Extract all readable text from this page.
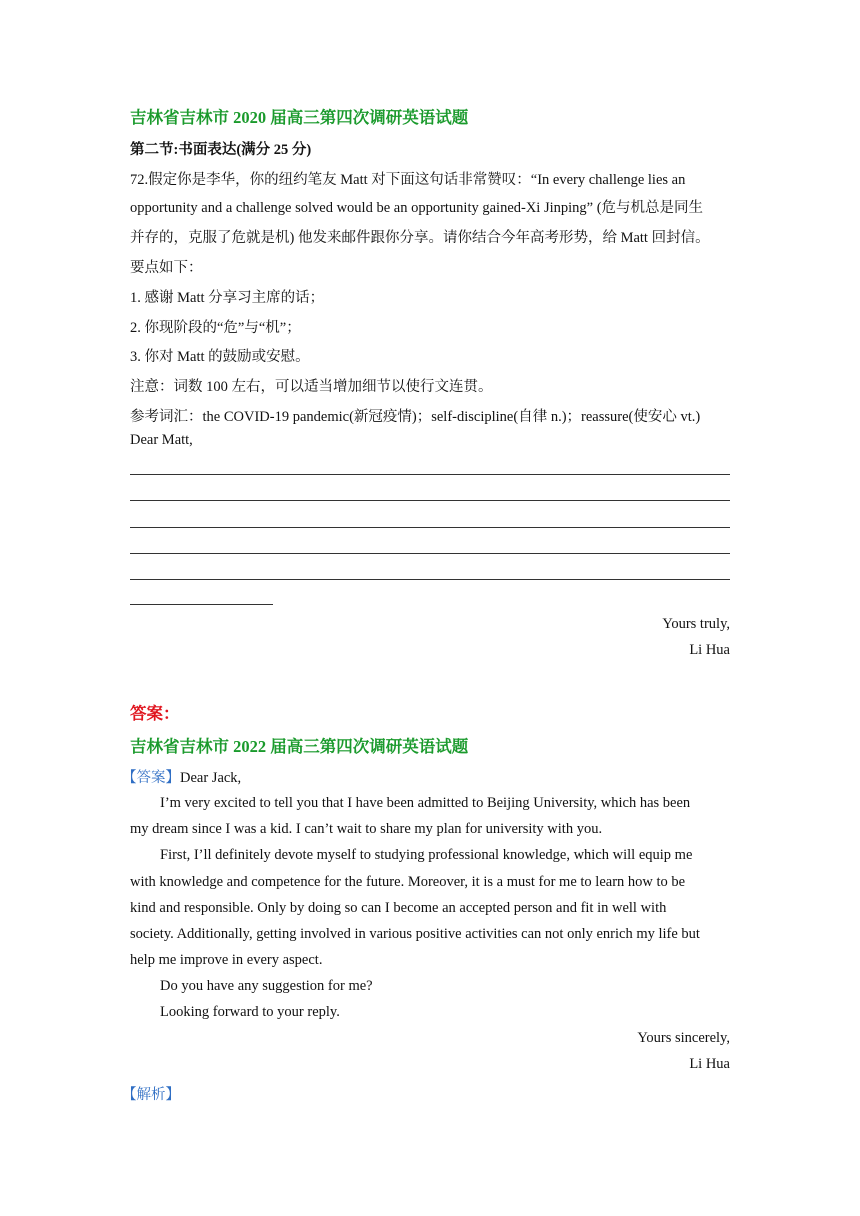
吉林省吉林市 2020 届高三第四次调研英语试题
第二节:书面表达(满分 25 分)
72.假定你是李华，你的纽约笔友 Matt 对下面这句话非常赞叹：“In every challenge lies an
opportunity and a challenge solved would be an opportunity gained-Xi Jinping” (危与机总是同生
并存的，克服了危就是机) 他发来邮件跟你分享。请你结合今年高考形势，给 Matt 回封信。
要点如下：
1. 感谢 Matt 分享习主席的话；
2. 你现阶段的“危”与“机”；
3. 你对 Matt 的鼓励或安慰。
注意：词数 100 左右，可以适当增加细节以使行文连贯。
参考词汇：the COVID-19 pandemic(新冠疫情)；self-discipline(自律 n.)；reassure(使安心 vt.)
Dear Matt,
Yours truly,
Li Hua
答案：
吉林省吉林市 2022 届高三第四次调研英语试题
【答案】Dear Jack,
I’m very excited to tell you that I have been admitted to Beijing University, which has been
my dream since I was a kid. I can’t wait to share my plan for university with you.
First, I’ll definitely devote myself to studying professional knowledge, which will equip me
with knowledge and competence for the future. Moreover, it is a must for me to learn how to be
kind and responsible. Only by doing so can I become an accepted person and fit in well with
society. Additionally, getting involved in various positive activities can not only enrich my life but
help me improve in every aspect.
Do you have any suggestion for me?
Looking forward to your reply.
Yours sincerely,
Li Hua
【解析】
